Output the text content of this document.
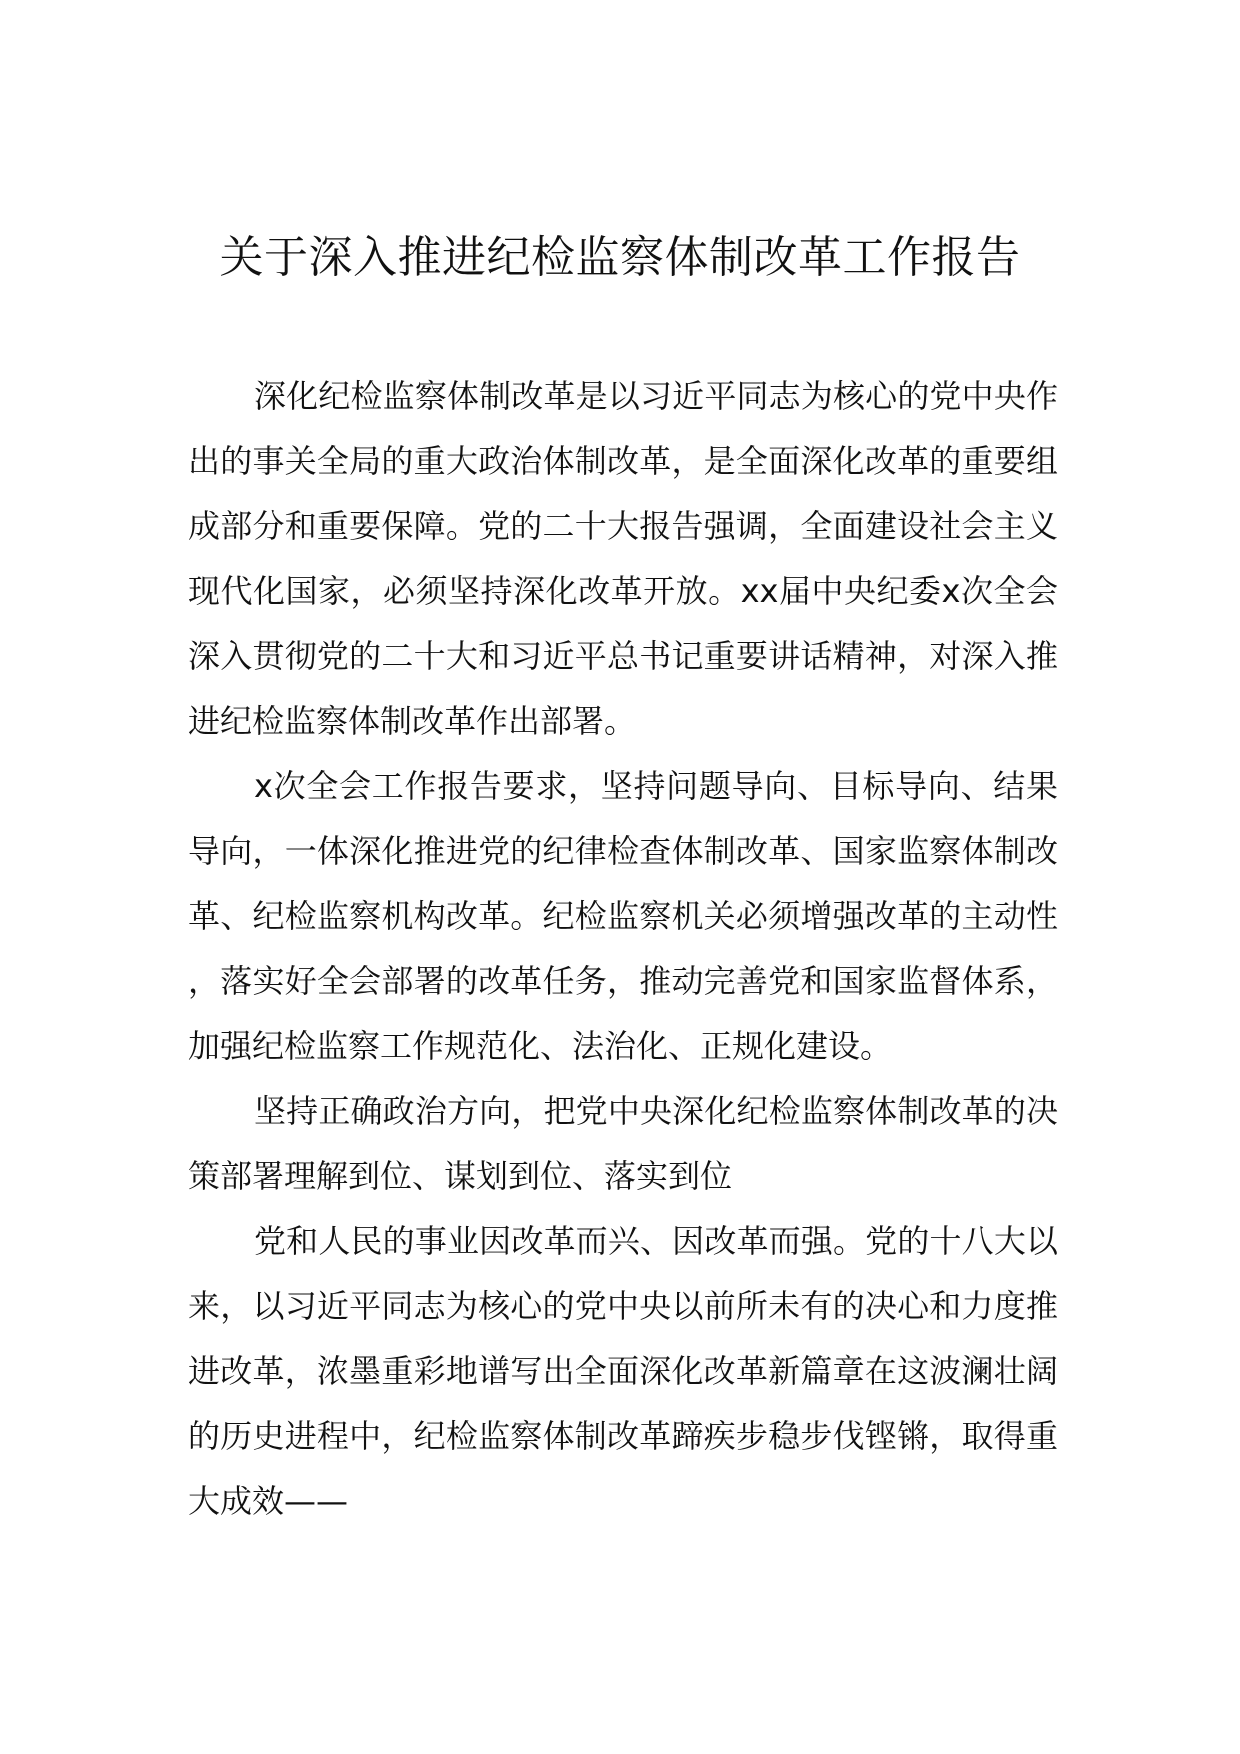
关于深入推进纪检监察体制改革工作报告

深化纪检监察体制改革是以习近平同志为核心的党中央作出的事关全局的重大政治体制改革，是全面深化改革的重要组成部分和重要保障。党的二十大报告强调，全面建设社会主义现代化国家，必须坚持深化改革开放。xx届中央纪委x次全会深入贯彻党的二十大和习近平总书记重要讲话精神，对深入推进纪检监察体制改革作出部署。

x次全会工作报告要求，坚持问题导向、目标导向、结果导向，一体深化推进党的纪律检查体制改革、国家监察体制改革、纪检监察机构改革。纪检监察机关必须增强改革的主动性，落实好全会部署的改革任务，推动完善党和国家监督体系，加强纪检监察工作规范化、法治化、正规化建设。

坚持正确政治方向，把党中央深化纪检监察体制改革的决策部署理解到位、谋划到位、落实到位

党和人民的事业因改革而兴、因改革而强。党的十八大以来，以习近平同志为核心的党中央以前所未有的决心和力度推进改革，浓墨重彩地谱写出全面深化改革新篇章在这波澜壮阔的历史进程中，纪检监察体制改革蹄疾步稳步伐铿锵，取得重大成效——
